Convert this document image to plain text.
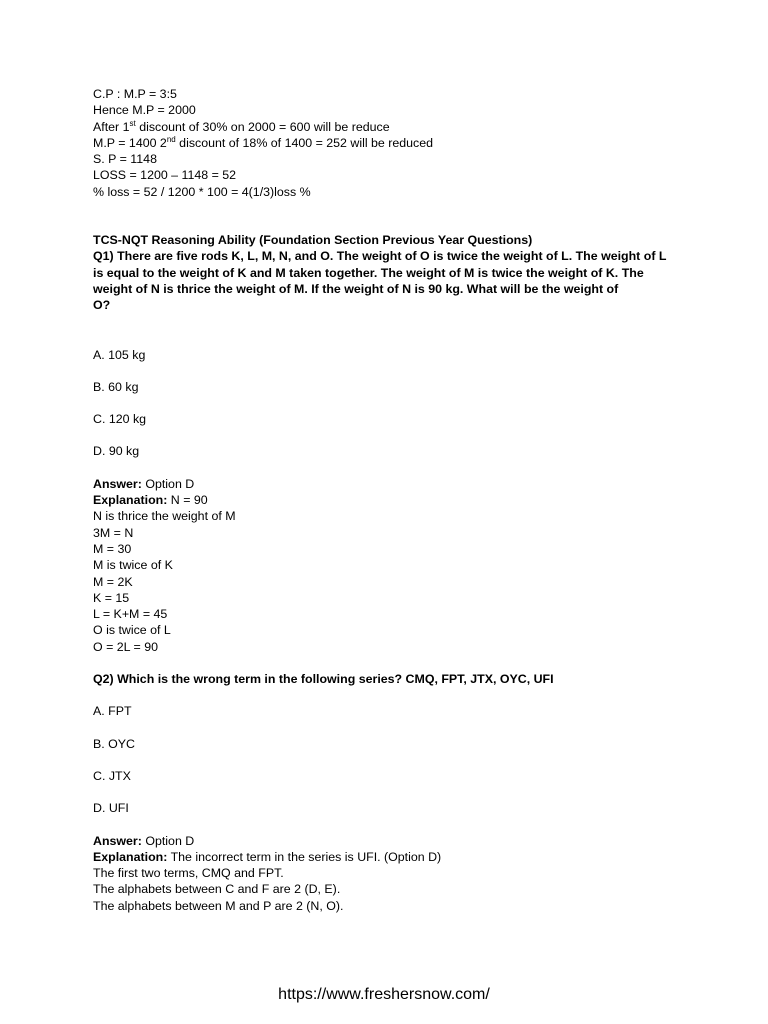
C.P : M.P = 3:5

Hence M.P = 2000

After 1st discount of 30% on 2000 = 600 will be reduce

M.P = 1400 2nd discount of 18% of 1400 = 252 will be reduced

S. P = 1148

LOSS = 1200 – 1148 = 52

% loss = 52 / 1200 * 100 = 4(1/3)loss %

TCS-NQT Reasoning Ability (Foundation Section Previous Year Questions)

Q1) There are five rods K, L, M, N, and O. The weight of O is twice the weight of L. The weight of L

is equal to the weight of K and M taken together. The weight of M is twice the weight of K. The

weight of N is thrice the weight of M. If the weight of N is 90 kg. What will be the weight of

O?

A. 105 kg

B. 60 kg

C. 120 kg

D. 90 kg

Answer: Option D

Explanation: N = 90

N is thrice the weight of M

3M = N

M = 30

M is twice of K

M = 2K

K = 15

L = K+M = 45

O is twice of L

O = 2L = 90

Q2) Which is the wrong term in the following series? CMQ, FPT, JTX, OYC, UFI

A. FPT

B. OYC

C. JTX

D. UFI

Answer: Option D

Explanation: The incorrect term in the series is UFI. (Option D)

The first two terms, CMQ and FPT.

The alphabets between C and F are 2 (D, E).

The alphabets between M and P are 2 (N, O).

https://www.freshersnow.com/
